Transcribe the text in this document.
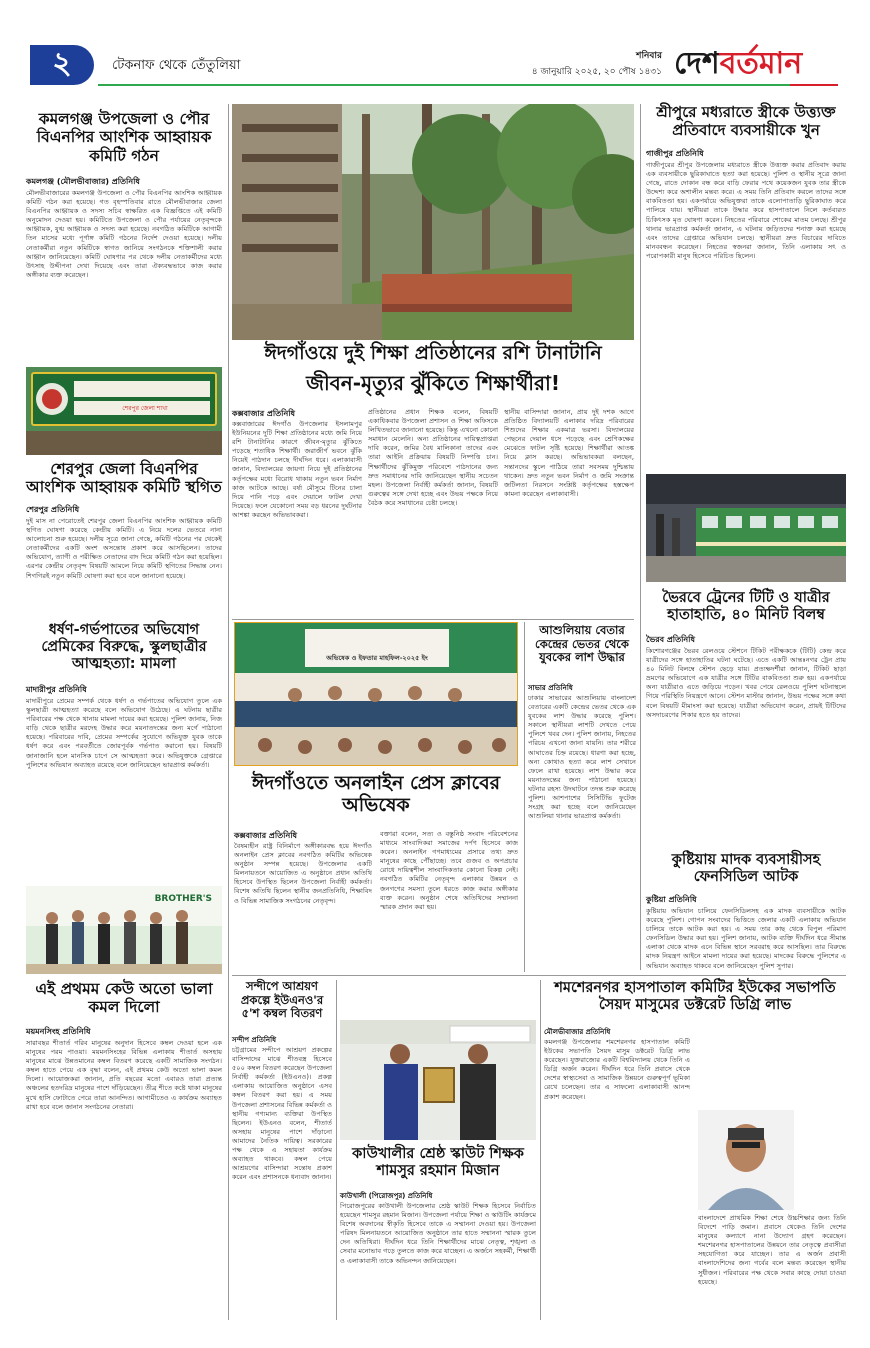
২	টেকনাফ থেকে তেঁতুলিয়া
শনিবার
৪ জানুয়ারি ২০২৫, ২০ পৌষ ১৪৩১ দেশবর্তমান
কমলগঞ্জ উপজেলা ও পৌর বিএনপির আংশিক আহ্বায়ক কমিটি গঠন
কমলগঞ্জ (মৌলভীবাজার) প্রতিনিধি
মৌলভীবাজারের কমলগঞ্জ উপজেলা ও পৌর বিএনপির আংশিক আহ্বায়ক কমিটি গঠন করা হয়েছে। গত বৃহস্পতিবার রাতে মৌলভীবাজার জেলা বিএনপির আহ্বায়ক ও সদস্য সচিব স্বাক্ষরিত এক বিজ্ঞপ্তিতে এই কমিটি অনুমোদন দেওয়া হয়। কমিটিতে উপজেলা ও পৌর পর্যায়ের নেতৃবৃন্দকে আহ্বায়ক, যুগ্ম আহ্বায়ক ও সদস্য করা হয়েছে। নবগঠিত কমিটিকে আগামী তিন মাসের মধ্যে পূর্ণাঙ্গ কমিটি গঠনের নির্দেশ দেওয়া হয়েছে। দলীয় নেতাকর্মীরা নতুন কমিটিকে স্বাগত জানিয়ে সংগঠনকে শক্তিশালী করার আহ্বান জানিয়েছেন। কমিটি ঘোষণার পর থেকে দলীয় নেতাকর্মীদের মধ্যে উৎসাহ উদ্দীপনা দেখা দিয়েছে এবং তারা ঐক্যবদ্ধভাবে কাজ করার অঙ্গীকার ব্যক্ত করেছেন।
শেরপুর জেলা শাখা
শেরপুর জেলা বিএনপির আংশিক আহ্বায়ক কমিটি স্থগিত
শেরপুর প্রতিনিধি
দুই মাস না পেরোতেই শেরপুর জেলা বিএনপির আংশিক আহ্বায়ক কমিটি স্থগিত ঘোষণা করেছে কেন্দ্রীয় কমিটি। এ নিয়ে দলের ভেতরে নানা আলোচনা শুরু হয়েছে। দলীয় সূত্রে জানা গেছে, কমিটি গঠনের পর থেকেই নেতাকর্মীদের একটি অংশ অসন্তোষ প্রকাশ করে আসছিলেন। তাদের অভিযোগ, ত্যাগী ও পরীক্ষিত নেতাদের বাদ দিয়ে কমিটি গঠন করা হয়েছিল। এরপর কেন্দ্রীয় নেতৃবৃন্দ বিষয়টি আমলে নিয়ে কমিটি স্থগিতের সিদ্ধান্ত নেন। শিগগিরই নতুন কমিটি ঘোষণা করা হবে বলে জানানো হয়েছে।
ধর্ষণ-গর্ভপাতের অভিযোগ প্রেমিকের বিরুদ্ধে, স্কুলছাত্রীর আত্মহত্যা: মামলা
মাদারীপুর প্রতিনিধি
মাদারীপুরে প্রেমের সম্পর্ক থেকে ধর্ষণ ও গর্ভপাতের অভিযোগ তুলে এক স্কুলছাত্রী আত্মহত্যা করেছে বলে অভিযোগ উঠেছে। এ ঘটনায় ছাত্রীর পরিবারের পক্ষ থেকে থানায় মামলা দায়ের করা হয়েছে। পুলিশ জানায়, নিজ বাড়ি থেকে ছাত্রীর মরদেহ উদ্ধার করে ময়নাতদন্তের জন্য মর্গে পাঠানো হয়েছে। পরিবারের দাবি, প্রেমের সম্পর্কের সুযোগে অভিযুক্ত যুবক তাকে ধর্ষণ করে এবং পরবর্তীতে জোরপূর্বক গর্ভপাত করানো হয়। বিষয়টি জানাজানি হলে মানসিক চাপে সে আত্মহত্যা করে। অভিযুক্তকে গ্রেপ্তারে পুলিশের অভিযান অব্যাহত রয়েছে বলে জানিয়েছেন ভারপ্রাপ্ত কর্মকর্তা।
BROTHER'S
এই প্রথমম কেউ অতো ভালা কমল দিলো
ময়মনসিংহ প্রতিনিধি
সারাবছর শীতার্ত গরিব মানুষের অনুদান হিসেবে কম্বল দেওয়া হলে এক মানুষের পরম পাওয়া। ময়মনসিংহের বিভিন্ন এলাকায় শীতার্ত অসহায় মানুষের মাঝে উন্নতমানের কম্বল বিতরণ করেছে একটি সামাজিক সংগঠন। কম্বল হাতে পেয়ে এক বৃদ্ধা বলেন, এই প্রথমম কেউ অতো ভালা কমল দিলো। আয়োজকরা জানান, প্রতি বছরের মতো এবারও তারা প্রত্যন্ত অঞ্চলের হতদরিদ্র মানুষের পাশে দাঁড়িয়েছেন। তীব্র শীতে কষ্টে থাকা মানুষের মুখে হাসি ফোটাতে পেরে তারা আনন্দিত। আগামীতেও এ কার্যক্রম অব্যাহত রাখা হবে বলে জানান সংগঠনের নেতারা।
ঈদগাঁওয়ে দুই শিক্ষা প্রতিষ্ঠানের রশি টানাটানি
জীবন-মৃত্যুর ঝুঁকিতে শিক্ষার্থীরা!
কক্সবাজার প্রতিনিধি
কক্সবাজারের ঈদগাঁও উপজেলার ইসলামপুর ইউনিয়নের দুটি শিক্ষা প্রতিষ্ঠানের মধ্যে জমি নিয়ে রশি টানাটানির কারণে জীবন-মৃত্যুর ঝুঁকিতে পড়েছে শতাধিক শিক্ষার্থী। জরাজীর্ণ ভবনে ঝুঁকি নিয়েই পাঠদান চলছে দীর্ঘদিন ধরে। এলাকাবাসী জানান, বিদ্যালয়ের জায়গা নিয়ে দুই প্রতিষ্ঠানের কর্তৃপক্ষের মধ্যে বিরোধ থাকায় নতুন ভবন নির্মাণ কাজ আটকে আছে। বর্ষা মৌসুমে টিনের চালা দিয়ে পানি পড়ে এবং দেয়ালে ফাটল দেখা দিয়েছে। ফলে যেকোনো সময় বড় ধরনের দুর্ঘটনার আশঙ্কা করছেন অভিভাবকরা।
প্রতিষ্ঠানের প্রধান শিক্ষক বলেন, বিষয়টি একাধিকবার উপজেলা প্রশাসন ও শিক্ষা অফিসকে লিখিতভাবে জানানো হয়েছে। কিন্তু এখনো কোনো সমাধান মেলেনি। অন্য প্রতিষ্ঠানের দায়িত্বপ্রাপ্তরা দাবি করেন, জমির বৈধ মালিকানা তাদের এবং তারা আইনি প্রক্রিয়ায় বিষয়টি নিষ্পত্তি চান। শিক্ষার্থীদের ঝুঁকিমুক্ত পরিবেশে পাঠদানের জন্য দ্রুত সমাধানের দাবি জানিয়েছেন স্থানীয় সচেতন মহল। উপজেলা নির্বাহী কর্মকর্তা জানান, বিষয়টি গুরুত্বের সঙ্গে দেখা হচ্ছে এবং উভয় পক্ষকে নিয়ে বৈঠক করে সমাধানের চেষ্টা চলছে।
স্থানীয় বাসিন্দারা জানান, প্রায় দুই দশক আগে প্রতিষ্ঠিত বিদ্যালয়টি এলাকার দরিদ্র পরিবারের শিশুদের শিক্ষার একমাত্র ভরসা। বিদ্যালয়ের পেছনের দেয়াল ধসে পড়েছে এবং শ্রেণিকক্ষের মেঝেতে ফাটল সৃষ্টি হয়েছে। শিক্ষার্থীরা আতঙ্ক নিয়ে ক্লাস করছে। অভিভাবকরা বলছেন, সন্তানদের স্কুলে পাঠিয়ে তারা সবসময় দুশ্চিন্তায় থাকেন। দ্রুত নতুন ভবন নির্মাণ ও জমি সংক্রান্ত জটিলতা নিরসনে সংশ্লিষ্ট কর্তৃপক্ষের হস্তক্ষেপ কামনা করেছেন এলাকাবাসী।
অভিষেক ও ইফতার মাহফিল-২০২৫ ইং
ঈদগাঁওতে অনলাইন প্রেস ক্লাবের অভিষেক
কক্সবাজার প্রতিনিধি
বৈষম্যহীন রাষ্ট্র বিনির্মাণে অঙ্গীকারবদ্ধ হয়ে ঈদগাঁও অনলাইন প্রেস ক্লাবের নবগঠিত কমিটির অভিষেক অনুষ্ঠান সম্পন্ন হয়েছে। উপজেলার একটি মিলনায়তনে আয়োজিত এ অনুষ্ঠানে প্রধান অতিথি হিসেবে উপস্থিত ছিলেন উপজেলা নির্বাহী কর্মকর্তা। বিশেষ অতিথি ছিলেন স্থানীয় জনপ্রতিনিধি, শিক্ষাবিদ ও বিভিন্ন সামাজিক সংগঠনের নেতৃবৃন্দ।
বক্তারা বলেন, সত্য ও বস্তুনিষ্ঠ সংবাদ পরিবেশনের মাধ্যমে সাংবাদিকরা সমাজের দর্পণ হিসেবে কাজ করেন। অনলাইন গণমাধ্যমের প্রসারে তথ্য দ্রুত মানুষের কাছে পৌঁছাচ্ছে। তবে গুজব ও অপপ্রচার রোধে দায়িত্বশীল সাংবাদিকতার কোনো বিকল্প নেই। নবগঠিত কমিটির নেতৃবৃন্দ এলাকার উন্নয়ন ও জনগণের সমস্যা তুলে ধরতে কাজ করার অঙ্গীকার ব্যক্ত করেন। অনুষ্ঠান শেষে অতিথিদের সম্মাননা স্মারক প্রদান করা হয়।
আশুলিয়ায় বেতার কেন্দ্রের ভেতর থেকে যুবকের লাশ উদ্ধার
সাভার প্রতিনিধি
ঢাকার সাভারের আশুলিয়ায় বাংলাদেশ বেতারের একটি কেন্দ্রের ভেতর থেকে এক যুবকের লাশ উদ্ধার করেছে পুলিশ। সকালে স্থানীয়রা লাশটি দেখতে পেয়ে পুলিশে খবর দেন। পুলিশ জানায়, নিহতের পরিচয় এখনো জানা যায়নি। তার শরীরে আঘাতের চিহ্ন রয়েছে। ধারণা করা হচ্ছে, অন্য কোথাও হত্যা করে লাশ সেখানে ফেলে রাখা হয়েছে। লাশ উদ্ধার করে ময়নাতদন্তের জন্য পাঠানো হয়েছে। ঘটনার রহস্য উদঘাটনে তদন্ত শুরু করেছে পুলিশ। আশপাশের সিসিটিভি ফুটেজ সংগ্রহ করা হচ্ছে বলে জানিয়েছেন আশুলিয়া থানার ভারপ্রাপ্ত কর্মকর্তা।
শ্রীপুরে মধ্যরাতে স্ত্রীকে উত্ত্যক্ত প্রতিবাদে ব্যবসায়ীকে খুন
গাজীপুর প্রতিনিধি
গাজীপুরের শ্রীপুর উপজেলায় মধ্যরাতে স্ত্রীকে উত্ত্যক্ত করার প্রতিবাদ করায় এক ব্যবসায়ীকে ছুরিকাঘাতে হত্যা করা হয়েছে। পুলিশ ও স্থানীয় সূত্রে জানা গেছে, রাতে দোকান বন্ধ করে বাড়ি ফেরার পথে কয়েকজন যুবক তার স্ত্রীকে উদ্দেশ্য করে অশালীন মন্তব্য করে। এ সময় তিনি প্রতিবাদ করলে তাদের সঙ্গে বাকবিতণ্ডা হয়। একপর্যায়ে অভিযুক্তরা তাকে এলোপাতাড়ি ছুরিকাঘাত করে পালিয়ে যায়। স্থানীয়রা তাকে উদ্ধার করে হাসপাতালে নিলে কর্তব্যরত চিকিৎসক মৃত ঘোষণা করেন। নিহতের পরিবারে শোকের মাতম চলছে। শ্রীপুর থানার ভারপ্রাপ্ত কর্মকর্তা জানান, এ ঘটনায় জড়িতদের শনাক্ত করা হয়েছে এবং তাদের গ্রেপ্তারে অভিযান চলছে। স্থানীয়রা দ্রুত বিচারের দাবিতে মানববন্ধন করেছেন। নিহতের স্বজনরা জানান, তিনি এলাকায় সৎ ও পরোপকারী মানুষ হিসেবে পরিচিত ছিলেন।
ভৈরবে ট্রেনের টিটি ও যাত্রীর হাতাহাতি, ৪০ মিনিট বিলম্ব
ভৈরব প্রতিনিধি
কিশোরগঞ্জের ভৈরব রেলওয়ে স্টেশনে টিকিট পরীক্ষককে (টিটি) কেন্দ্র করে যাত্রীদের সঙ্গে হাতাহাতির ঘটনা ঘটেছে। এতে একটি আন্তঃনগর ট্রেন প্রায় ৪০ মিনিট বিলম্বে স্টেশন ছেড়ে যায়। প্রত্যক্ষদর্শীরা জানান, টিকিট ছাড়া ভ্রমণের অভিযোগে এক যাত্রীর সঙ্গে টিটির বাকবিতণ্ডা শুরু হয়। একপর্যায়ে অন্য যাত্রীরাও এতে জড়িয়ে পড়েন। খবর পেয়ে রেলওয়ে পুলিশ ঘটনাস্থলে গিয়ে পরিস্থিতি নিয়ন্ত্রণে আনে। স্টেশন মাস্টার জানান, উভয় পক্ষের সঙ্গে কথা বলে বিষয়টি মীমাংসা করা হয়েছে। যাত্রীরা অভিযোগ করেন, প্রায়ই টিটিদের অসদাচরণের শিকার হতে হয় তাদের।
কুষ্টিয়ায় মাদক ব্যবসায়ীসহ ফেনসিডিল আটক
কুষ্টিয়া প্রতিনিধি
কুষ্টিয়ায় অভিযান চালিয়ে ফেনসিডিলসহ এক মাদক ব্যবসায়ীকে আটক করেছে পুলিশ। গোপন সংবাদের ভিত্তিতে জেলার একটি এলাকায় অভিযান চালিয়ে তাকে আটক করা হয়। এ সময় তার কাছ থেকে বিপুল পরিমাণ ফেনসিডিল উদ্ধার করা হয়। পুলিশ জানায়, আটক ব্যক্তি দীর্ঘদিন ধরে সীমান্ত এলাকা থেকে মাদক এনে বিভিন্ন স্থানে সরবরাহ করে আসছিল। তার বিরুদ্ধে মাদক নিয়ন্ত্রণ আইনে মামলা দায়ের করা হয়েছে। মাদকের বিরুদ্ধে পুলিশের এ অভিযান অব্যাহত থাকবে বলে জানিয়েছেন পুলিশ সুপার।
সন্দীপে আশ্রয়ণ প্রকল্পে ইউএনও'র ৫'শ কম্বল বিতরণ
সন্দীপ প্রতিনিধি
চট্টগ্রামের সন্দীপে আশ্রয়ণ প্রকল্পের বাসিন্দাদের মাঝে শীতবস্ত্র হিসেবে ৫০০ কম্বল বিতরণ করেছেন উপজেলা নির্বাহী কর্মকর্তা (ইউএনও)। প্রকল্প এলাকায় আয়োজিত অনুষ্ঠানে এসব কম্বল বিতরণ করা হয়। এ সময় উপজেলা প্রশাসনের বিভিন্ন কর্মকর্তা ও স্থানীয় গণ্যমান্য ব্যক্তিরা উপস্থিত ছিলেন। ইউএনও বলেন, শীতার্ত অসহায় মানুষের পাশে দাঁড়ানো আমাদের নৈতিক দায়িত্ব। সরকারের পক্ষ থেকে এ সহায়তা কার্যক্রম অব্যাহত থাকবে। কম্বল পেয়ে আশ্রয়ণের বাসিন্দারা সন্তোষ প্রকাশ করেন এবং প্রশাসনকে ধন্যবাদ জানান।
কাউখালীর শ্রেষ্ঠ স্কাউট শিক্ষক শামসুর রহমান মিজান
কাউখালী (পিরোজপুর) প্রতিনিধি
পিরোজপুরের কাউখালী উপজেলার শ্রেষ্ঠ স্কাউট শিক্ষক হিসেবে নির্বাচিত হয়েছেন শামসুর রহমান মিজান। উপজেলা পর্যায়ে শিক্ষা ও স্কাউটিং কার্যক্রমে বিশেষ অবদানের স্বীকৃতি হিসেবে তাকে এ সম্মাননা দেওয়া হয়। উপজেলা পরিষদ মিলনায়তনে আয়োজিত অনুষ্ঠানে তার হাতে সম্মাননা স্মারক তুলে দেন অতিথিরা। দীর্ঘদিন ধরে তিনি শিক্ষার্থীদের মাঝে নেতৃত্ব, শৃঙ্খলা ও সেবার মনোভাব গড়ে তুলতে কাজ করে যাচ্ছেন। এ অর্জনে সহকর্মী, শিক্ষার্থী ও এলাকাবাসী তাকে অভিনন্দন জানিয়েছেন।
শমশেরনগর হাসপাতাল কমিটির ইউকের সভাপতি সৈয়দ মাসুমের ডক্টরেট ডিগ্রি লাভ
মৌলভীবাজার প্রতিনিধি
কমলগঞ্জ উপজেলার শমশেরনগর হাসপাতাল কমিটি ইউকের সভাপতি সৈয়দ মাসুম ডক্টরেট ডিগ্রি লাভ করেছেন। যুক্তরাজ্যের একটি বিশ্ববিদ্যালয় থেকে তিনি এ ডিগ্রি অর্জন করেন। দীর্ঘদিন ধরে তিনি প্রবাসে থেকে দেশের স্বাস্থ্যসেবা ও সামাজিক উন্নয়নে গুরুত্বপূর্ণ ভূমিকা রেখে চলেছেন। তার এ সাফল্যে এলাকাবাসী আনন্দ প্রকাশ করেছেন।
বাংলাদেশে প্রাথমিক শিক্ষা শেষে উচ্চশিক্ষার জন্য তিনি বিদেশে পাড়ি জমান। প্রবাসে থেকেও তিনি দেশের মানুষের কল্যাণে নানা উদ্যোগ গ্রহণ করেছেন। শমশেরনগর হাসপাতালের উন্নয়নে তার নেতৃত্বে প্রবাসীরা সহযোগিতা করে যাচ্ছেন। তার এ অর্জন প্রবাসী বাংলাদেশিদের জন্য গর্বের বলে মন্তব্য করেছেন স্থানীয় সুধীজন। পরিবারের পক্ষ থেকে সবার কাছে দোয়া চাওয়া হয়েছে।
